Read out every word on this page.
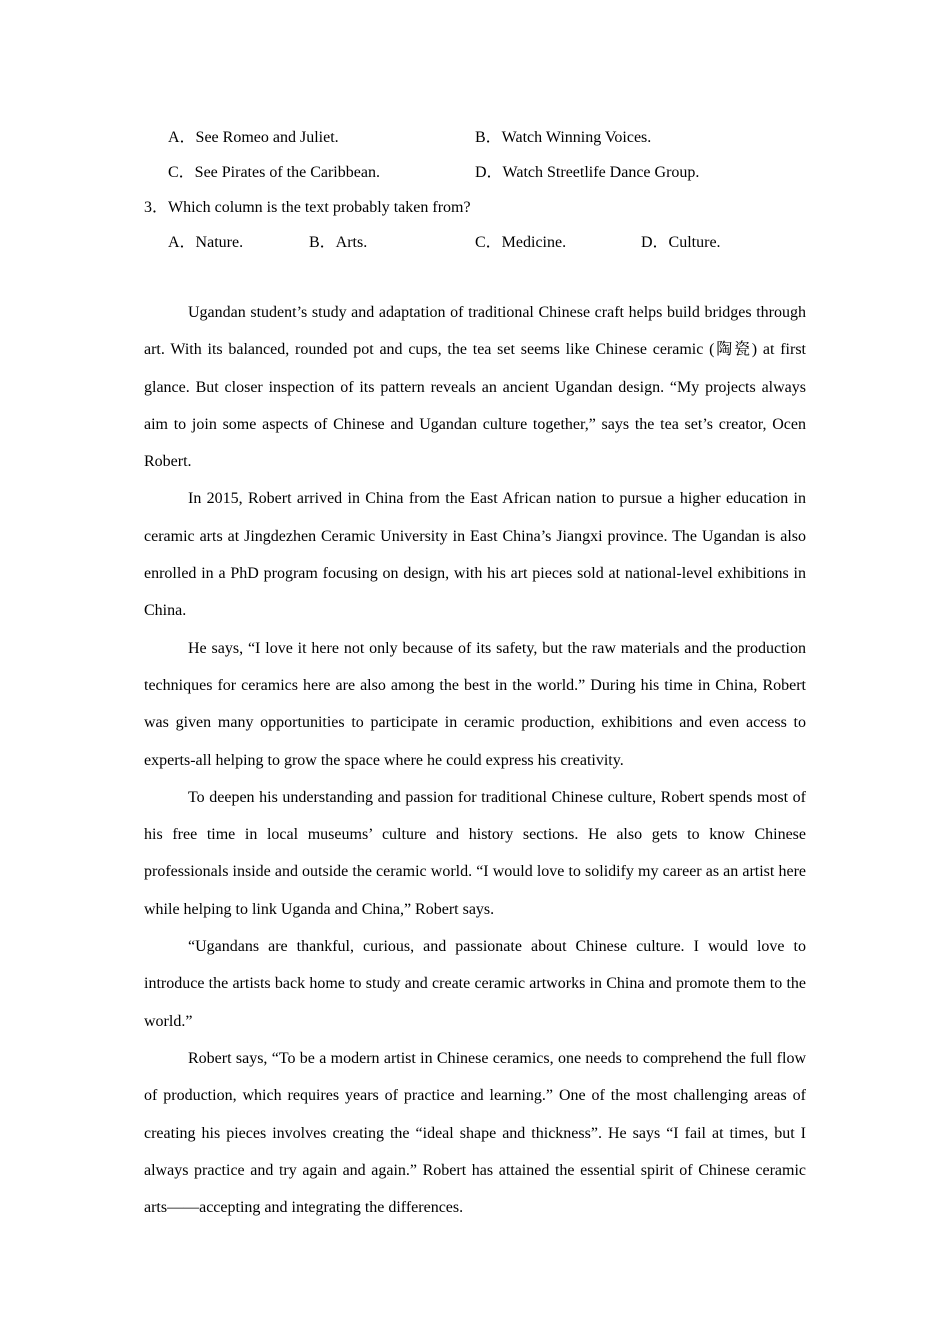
A．See Romeo and Juliet.	B．Watch Winning Voices.
C．See Pirates of the Caribbean.	D．Watch Streetlife Dance Group.
3．Which column is the text probably taken from?
A．Nature.	B．Arts.	C．Medicine.	D．Culture.

Ugandan student’s study and adaptation of traditional Chinese craft helps build bridges through art. With its balanced, rounded pot and cups, the tea set seems like Chinese ceramic (陶瓷) at first glance. But closer inspection of its pattern reveals an ancient Ugandan design. “My projects always aim to join some aspects of Chinese and Ugandan culture together,” says the tea set’s creator, Ocen Robert.

In 2015, Robert arrived in China from the East African nation to pursue a higher education in ceramic arts at Jingdezhen Ceramic University in East China’s Jiangxi province. The Ugandan is also enrolled in a PhD program focusing on design, with his art pieces sold at national-level exhibitions in China.

He says, “I love it here not only because of its safety, but the raw materials and the production techniques for ceramics here are also among the best in the world.” During his time in China, Robert was given many opportunities to participate in ceramic production, exhibitions and even access to experts-all helping to grow the space where he could express his creativity.

To deepen his understanding and passion for traditional Chinese culture, Robert spends most of his free time in local museums’ culture and history sections. He also gets to know Chinese professionals inside and outside the ceramic world. “I would love to solidify my career as an artist here while helping to link Uganda and China,” Robert says.

“Ugandans are thankful, curious, and passionate about Chinese culture. I would love to introduce the artists back home to study and create ceramic artworks in China and promote them to the world.”

Robert says, “To be a modern artist in Chinese ceramics, one needs to comprehend the full flow of production, which requires years of practice and learning.” One of the most challenging areas of creating his pieces involves creating the “ideal shape and thickness”. He says “I fail at times, but I always practice and try again and again.” Robert has attained the essential spirit of Chinese ceramic arts——accepting and integrating the differences.
